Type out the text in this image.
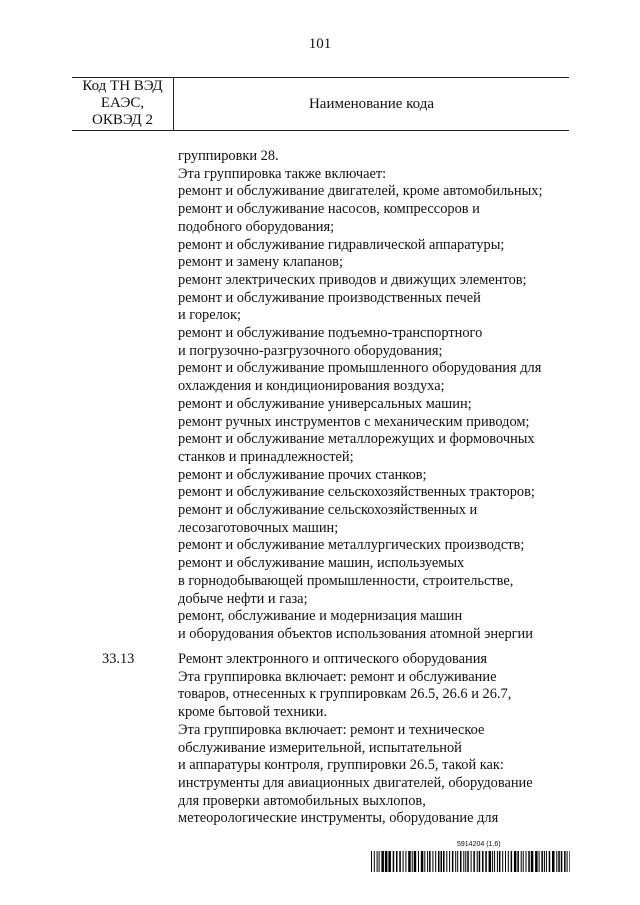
101
Код ТН ВЭД
ЕАЭС,
ОКВЭД 2
Наименование кода
группировки 28.
Эта группировка также включает:
ремонт и обслуживание двигателей, кроме автомобильных;
ремонт и обслуживание насосов, компрессоров и
подобного оборудования;
ремонт и обслуживание гидравлической аппаратуры;
ремонт и замену клапанов;
ремонт электрических приводов и движущих элементов;
ремонт и обслуживание производственных печей
и горелок;
ремонт и обслуживание подъемно-транспортного
и погрузочно-разгрузочного оборудования;
ремонт и обслуживание промышленного оборудования для
охлаждения и кондиционирования воздуха;
ремонт и обслуживание универсальных машин;
ремонт ручных инструментов с механическим приводом;
ремонт и обслуживание металлорежущих и формовочных
станков и принадлежностей;
ремонт и обслуживание прочих станков;
ремонт и обслуживание сельскохозяйственных тракторов;
ремонт и обслуживание сельскохозяйственных и
лесозаготовочных машин;
ремонт и обслуживание металлургических производств;
ремонт и обслуживание машин, используемых
в горнодобывающей промышленности, строительстве,
добыче нефти и газа;
ремонт, обслуживание и модернизация машин
и оборудования объектов использования атомной энергии
33.13	Ремонт электронного и оптического оборудования
Эта группировка включает: ремонт и обслуживание
товаров, отнесенных к группировкам 26.5, 26.6 и 26.7,
кроме бытовой техники.
Эта группировка включает: ремонт и техническое
обслуживание измерительной, испытательной
и аппаратуры контроля, группировки 26.5, такой как:
инструменты для авиационных двигателей, оборудование
для проверки автомобильных выхлопов,
метеорологические инструменты, оборудование для
5914204 (1.6)
